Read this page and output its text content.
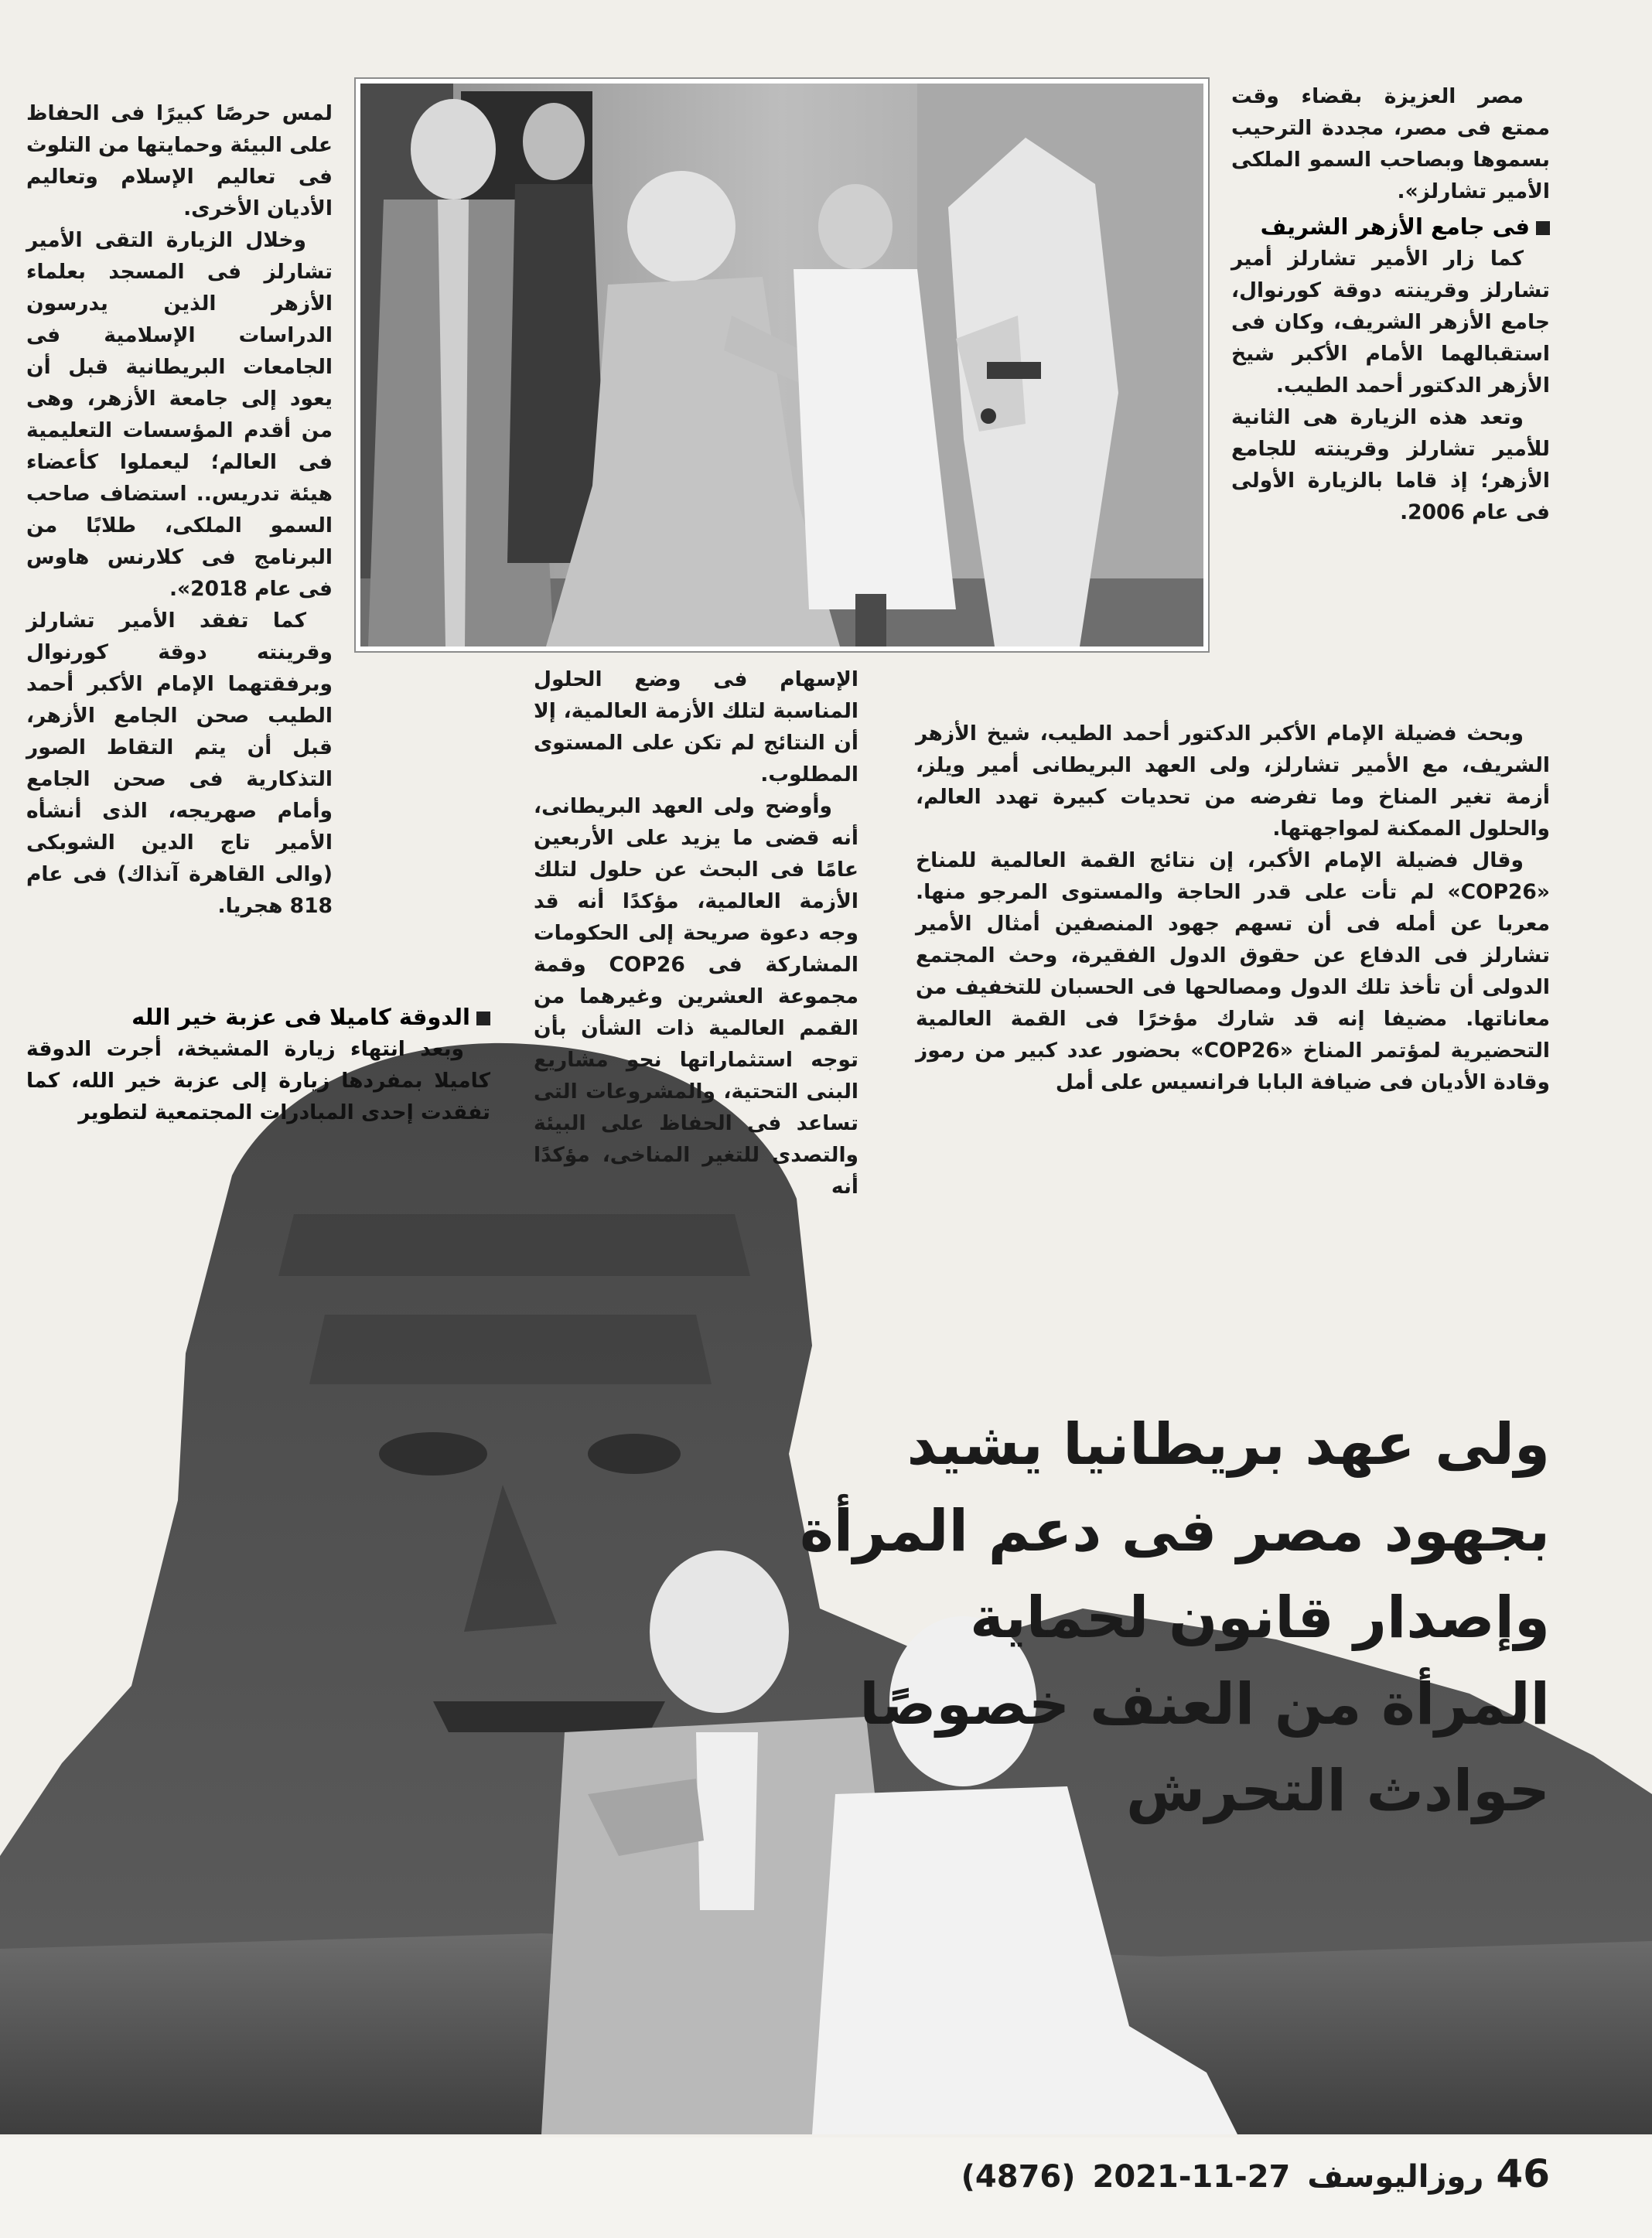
مصر العزيزة بقضاء وقت ممتع فى مصر، مجددة الترحيب بسموها وبصاحب السمو الملكى الأمير تشارلز».

فى جامع الأزهر الشريف

كما زار الأمير تشارلز أمير تشارلز وقرينته دوقة كورنوال، جامع الأزهر الشريف، وكان فى استقبالهما الأمام الأكبر شيخ الأزهر الدكتور أحمد الطيب.

وتعد هذه الزيارة هى الثانية للأمير تشارلز وقرينته للجامع الأزهر؛ إذ قاما بالزيارة الأولى فى عام 2006.

لمس حرصًا كبيرًا فى الحفاظ على البيئة وحمايتها من التلوث فى تعاليم الإسلام وتعاليم الأديان الأخرى.

وخلال الزيارة التقى الأمير تشارلز فى المسجد بعلماء الأزهر الذين يدرسون الدراسات الإسلامية فى الجامعات البريطانية قبل أن يعود إلى جامعة الأزهر، وهى من أقدم المؤسسات التعليمية فى العالم؛ ليعملوا كأعضاء هيئة تدريس.. استضاف صاحب السمو الملكى، طلابًا من البرنامج فى كلارنس هاوس فى عام 2018».

كما تفقد الأمير تشارلز وقرينته دوقة كورنوال وبرفقتهما الإمام الأكبر أحمد الطيب صحن الجامع الأزهر، قبل أن يتم التقاط الصور التذكارية فى صحن الجامع وأمام صهريجه، الذى أنشأه الأمير تاج الدين الشوبكى (والى القاهرة آنذاك) فى عام 818 هجريا.

الإسهام فى وضع الحلول المناسبة لتلك الأزمة العالمية، إلا أن النتائج لم تكن على المستوى المطلوب.

وأوضح ولى العهد البريطانى، أنه قضى ما يزيد على الأربعين عامًا فى البحث عن حلول لتلك الأزمة العالمية، مؤكدًا أنه قد وجه دعوة صريحة إلى الحكومات المشاركة فى COP26 وقمة مجموعة العشرين وغيرهما من القمم العالمية ذات الشأن بأن توجه استثماراتها نحو مشاريع البنى التحتية، والمشروعات التى تساعد فى الحفاظ على البيئة والتصدى للتغير المناخى، مؤكدًا أنه

الدوقة كاميلا فى عزبة خير الله

وبعد انتهاء زيارة المشيخة، أجرت الدوقة كاميلا بمفردها زيارة إلى عزبة خير الله، كما تفقدت إحدى المبادرات المجتمعية لتطوير

وبحث فضيلة الإمام الأكبر الدكتور أحمد الطيب، شيخ الأزهر الشريف، مع الأمير تشارلز، ولى العهد البريطانى أمير ويلز، أزمة تغير المناخ وما تفرضه من تحديات كبيرة تهدد العالم، والحلول الممكنة لمواجهتها.

وقال فضيلة الإمام الأكبر، إن نتائج القمة العالمية للمناخ «COP26» لم تأت على قدر الحاجة والمستوى المرجو منها. معربا عن أمله فى أن تسهم جهود المنصفين أمثال الأمير تشارلز فى الدفاع عن حقوق الدول الفقيرة، وحث المجتمع الدولى أن تأخذ تلك الدول ومصالحها فى الحسبان للتخفيف من معاناتها. مضيفا إنه قد شارك مؤخرًا فى القمة العالمية التحضيرية لمؤتمر المناخ «COP26» بحضور عدد كبير من رموز وقادة الأديان فى ضيافة البابا فرانسيس على أمل

ولى عهد بريطانيا يشيد
بجهود مصر فى دعم المرأة
وإصدار قانون لحماية
المرأة من العنف خصوصًا
حوادث التحرش
46روزاليوسف2021-11-27(4876)
